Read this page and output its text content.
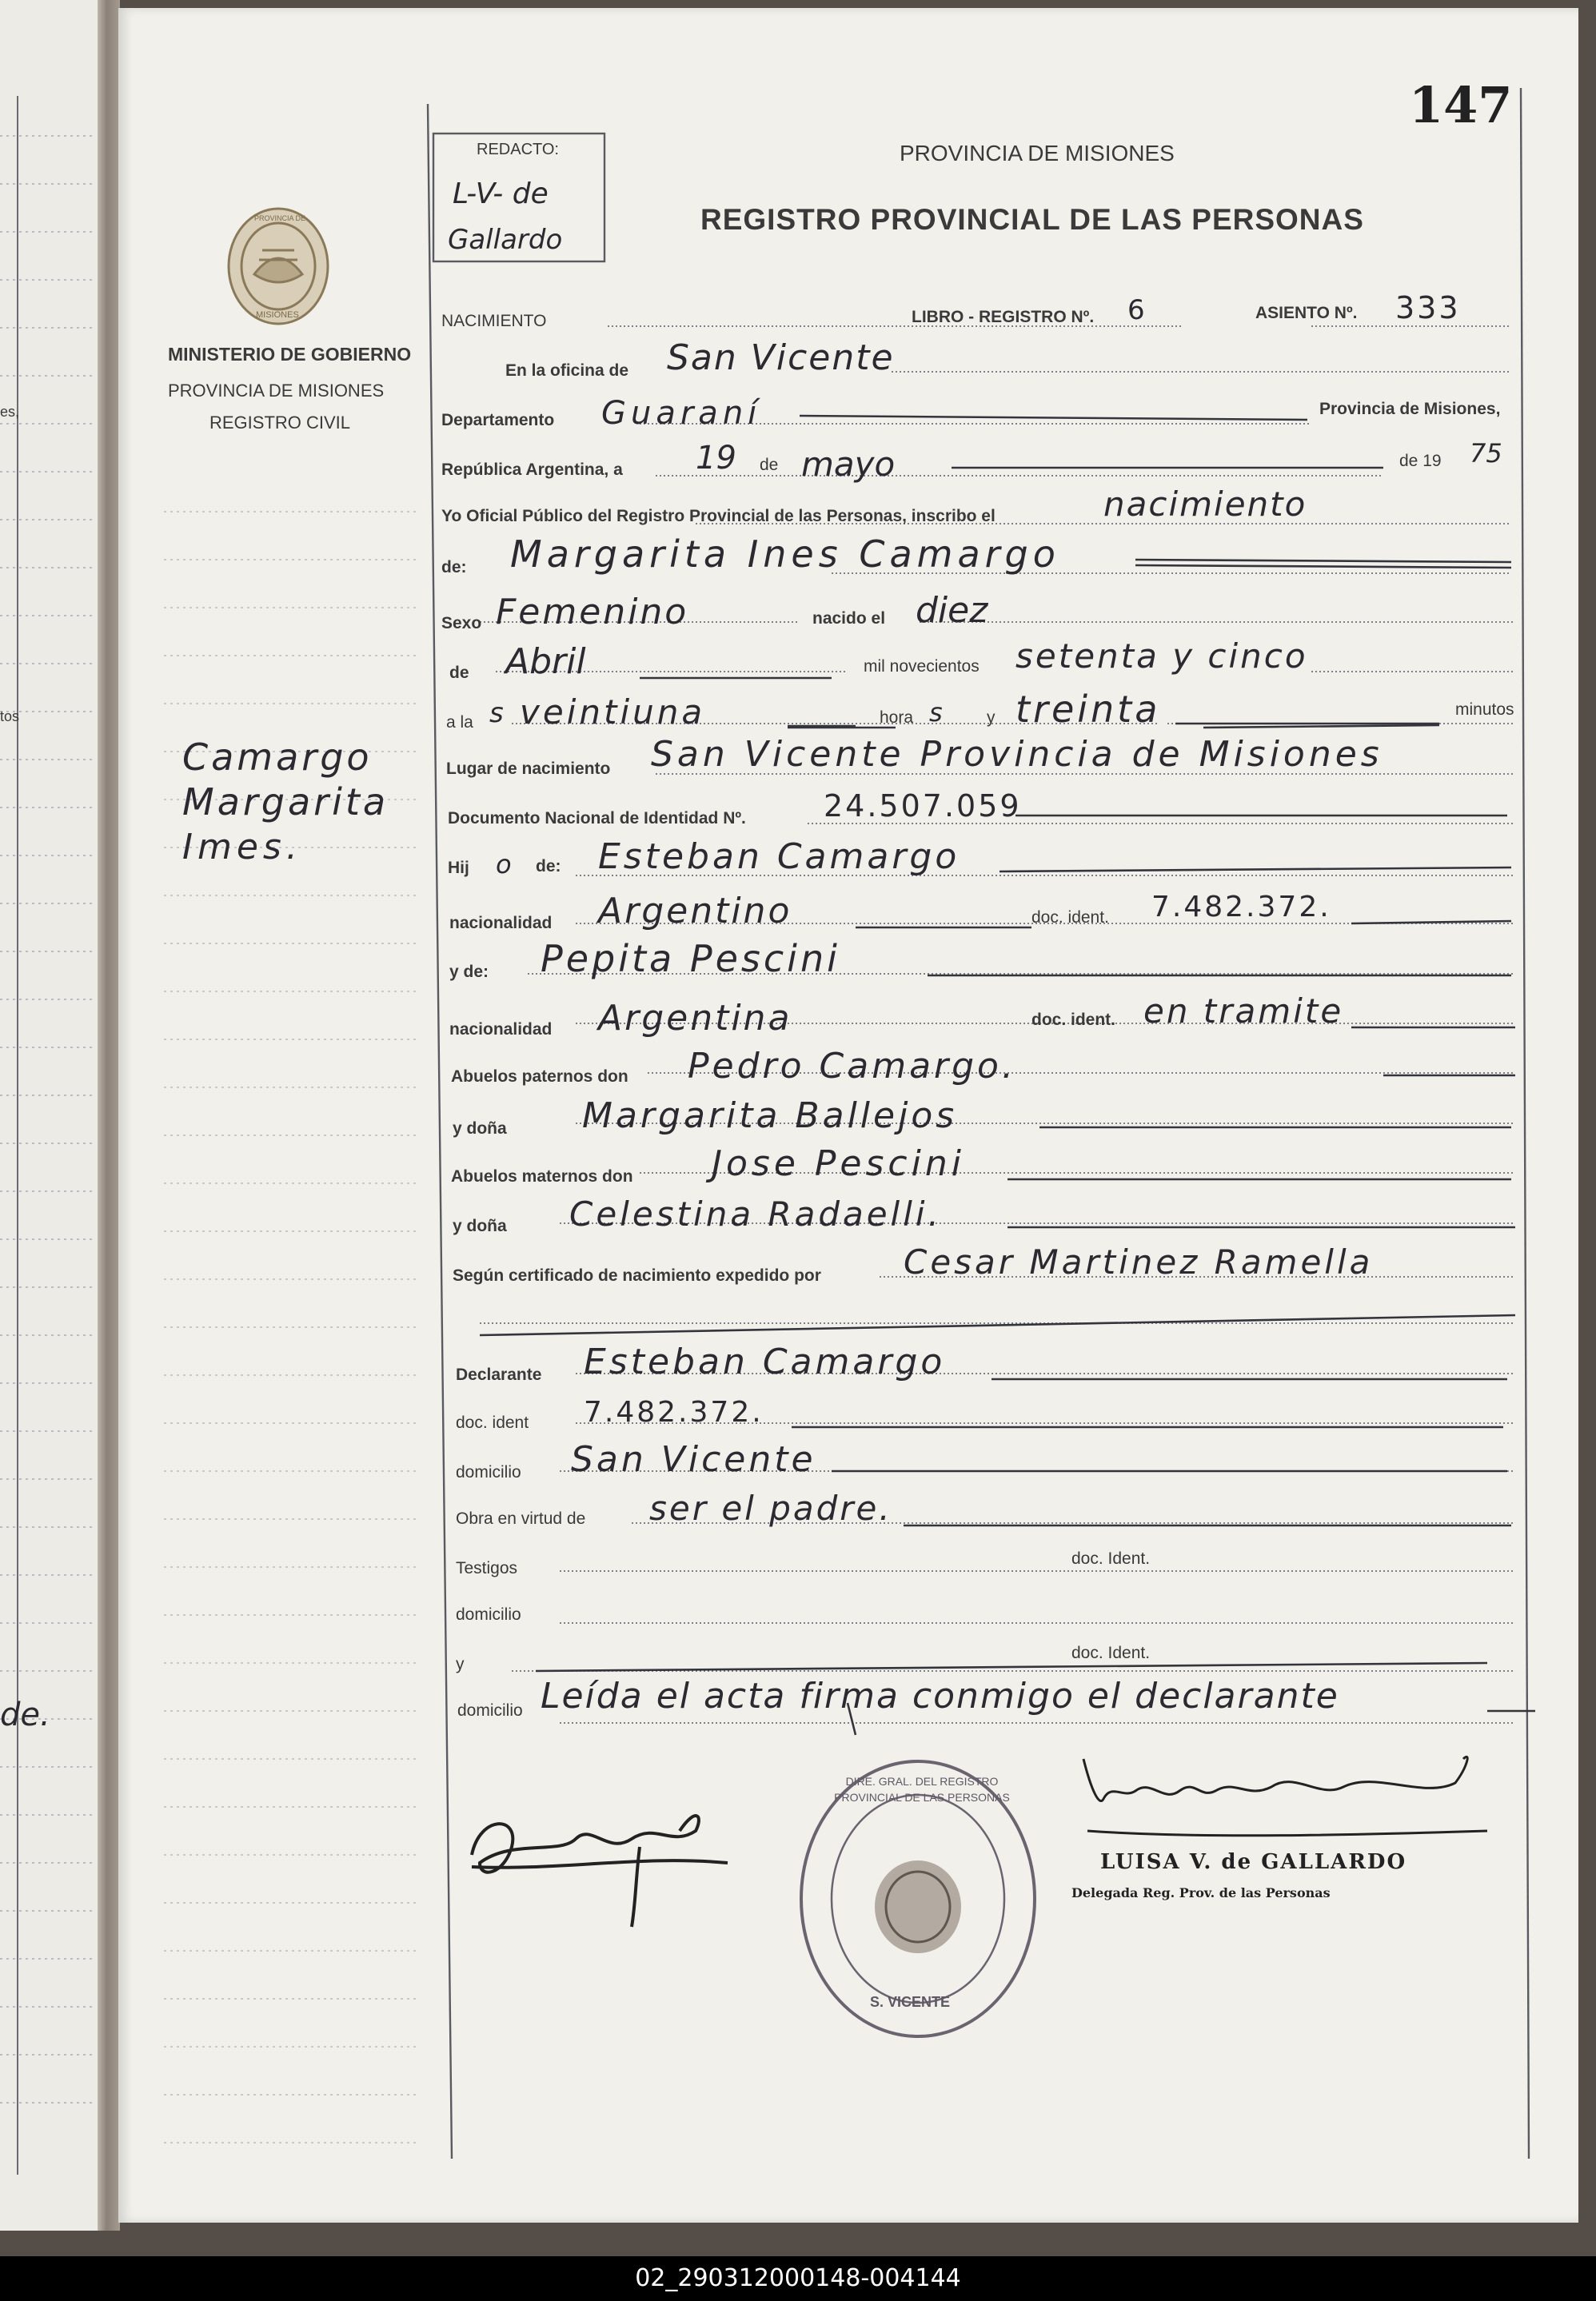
02_290312000148-004144
147
REDACTO:
L-V- de
Gallardo
PROVINCIA DE MISIONES
REGISTRO PROVINCIAL DE LAS PERSONAS
MINISTERIO DE GOBIERNO
PROVINCIA DE MISIONES
REGISTRO CIVIL
PROVINCIA DE
MISIONES
Camargo
Margarita
Imes.
es,
tos
de.
NACIMIENTO	LIBRO - REGISTRO Nº. 6	ASIENTO Nº. 333
En la oficina de San Vicente
Departamento Guaraní	Provincia de Misiones,
República Argentina, a 19 de mayo	de 19 75
Yo Oficial Público del Registro Provincial de las Personas, inscribo el	nacimiento
de: Margarita Ines Camargo
Sexo Femenino	nacido el diez
de Abril	mil novecientos setenta y cinco
a la s veintiuna	hora s	y treinta	minutos
Lugar de nacimiento San Vicente Provincia de Misiones
Documento Nacional de Identidad Nº.	24.507.059
Hij o de: Esteban Camargo
nacionalidad Argentino	doc. ident. 7.482.372.
y de: Pepita Pescini
nacionalidad Argentina	doc. ident. en tramite
Abuelos paternos don Pedro Camargo.
y doña Margarita Ballejos
Abuelos maternos don Jose Pescini
y doña Celestina Radaelli.
Según certificado de nacimiento expedido por Cesar Martinez Ramella
Declarante Esteban Camargo
doc. ident 7.482.372.
domicilio San Vicente
Obra en virtud de ser el padre.
Testigos
doc. Ident.
domicilio
y
doc. Ident.
domicilio Leída el acta firma conmigo el declarante
DIRE. GRAL. DEL REGISTRO PROVINCIAL DE LAS PERSONAS
S. VICENTE
LUISA V. de GALLARDO
Delegada Reg. Prov. de las Personas
